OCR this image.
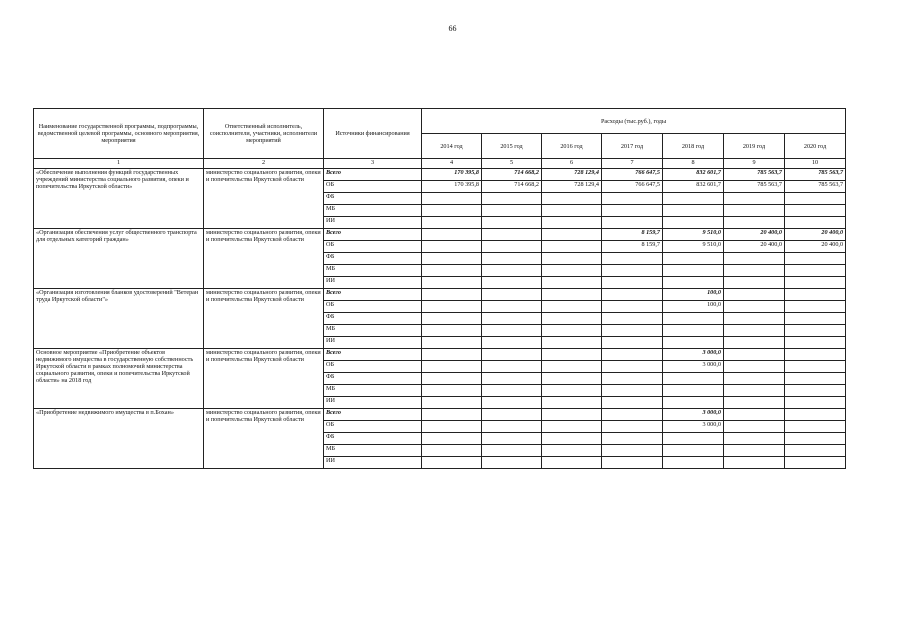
66
Наименование государственной программы, подпрограммы, ведомственной целевой программы, основного мероприятия, мероприятия	Ответственный исполнитель, соисполнители, участники, исполнители мероприятий	Источники финансирования	Расходы (тыс.руб.), годы						
			2014 год	2015 год	2016 год	2017 год	2018 год	2019 год	2020 год
1	2	3	4	5	6	7	8	9	10
«Обеспечение выполнения функций государственных учреждений министерства социального развития, опеки и попечительства Иркутской области»	министерство социального развития, опеки и попечительства Иркутской области	Всего	170 395,8	714 668,2	728 129,4	766 647,5	832 601,7	785 563,7	785 563,7
		ОБ	170 395,8	714 668,2	728 129,4	766 647,5	832 601,7	785 563,7	785 563,7
		ФБ							
		МБ							
		ИИ							
«Организация обеспечения услуг общественного транспорта для отдельных категорий граждан»	министерство социального развития, опеки и попечительства Иркутской области	Всего				8 159,7	9 510,0	20 400,0	20 400,0
		ОБ				8 159,7	9 510,0	20 400,0	20 400,0
		ФБ							
		МБ							
		ИИ							
«Организация изготовления бланков удостоверений "Ветеран труда Иркутской области"»	министерство социального развития, опеки и попечительства Иркутской области	Всего					100,0		
		ОБ					100,0		
		ФБ							
		МБ							
		ИИ							
Основное мероприятие «Приобретение объектов недвижимого имущества в государственную собственность Иркутской области в рамках полномочий министерства социального развития, опеки и попечительства Иркутской области» на 2018 год	министерство социального развития, опеки и попечительства Иркутской области	Всего					3 000,0		
		ОБ					3 000,0		
		ФБ							
		МБ							
		ИИ							
«Приобретение недвижимого имущества в п.Бохан»	министерство социального развития, опеки и попечительства Иркутской области	Всего					3 000,0		
		ОБ					3 000,0		
		ФБ							
		МБ							
		ИИ							
